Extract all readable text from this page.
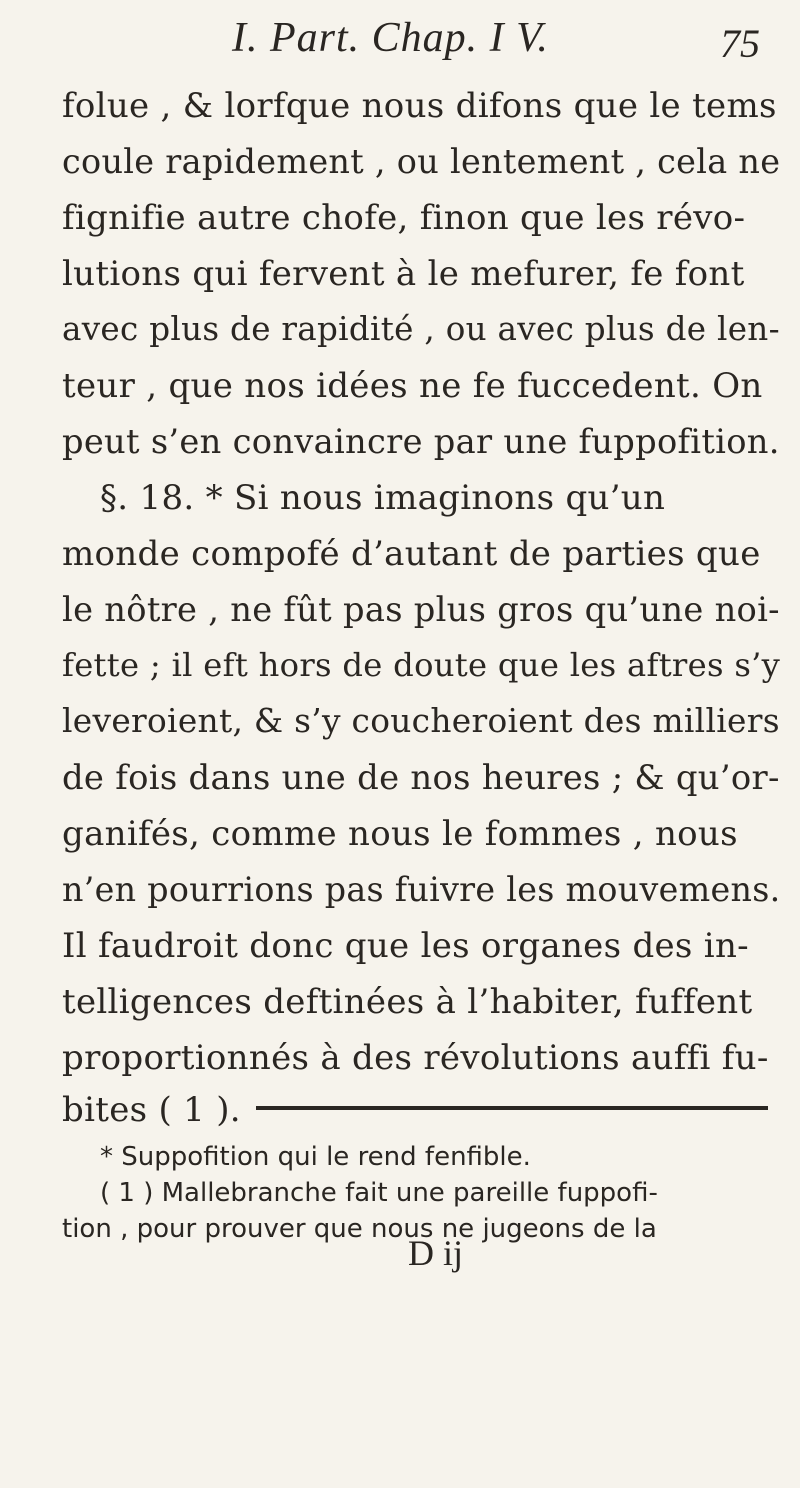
I. Part. Chap. I V.	75
folue , & lorfque nous difons que le tems
coule rapidement , ou lentement , cela ne
fignifie autre chofe, finon que les révo-
lutions qui fervent à le mefurer, fe font
avec plus de rapidité , ou avec plus de len-
teur , que nos idées ne fe fuccedent. On
peut s’en convaincre par une fuppofition.
§. 18. * Si nous imaginons qu’un
monde compofé d’autant de parties que
le nôtre , ne fût pas plus gros qu’une noi-
fette ; il eft hors de doute que les aftres s’y
leveroient, & s’y coucheroient des milliers
de fois dans une de nos heures ; & qu’or-
ganifés, comme nous le fommes , nous
n’en pourrions pas fuivre les mouvemens.
Il faudroit donc que les organes des in-
telligences deftinées à l’habiter, fuffent
proportionnés à des révolutions auffi fu-
bites ( 1 ).
* Suppofition qui le rend fenfible.
( 1 ) Mallebranche fait une pareille fuppofi-
tion , pour prouver que nous ne jugeons de la
D ij
